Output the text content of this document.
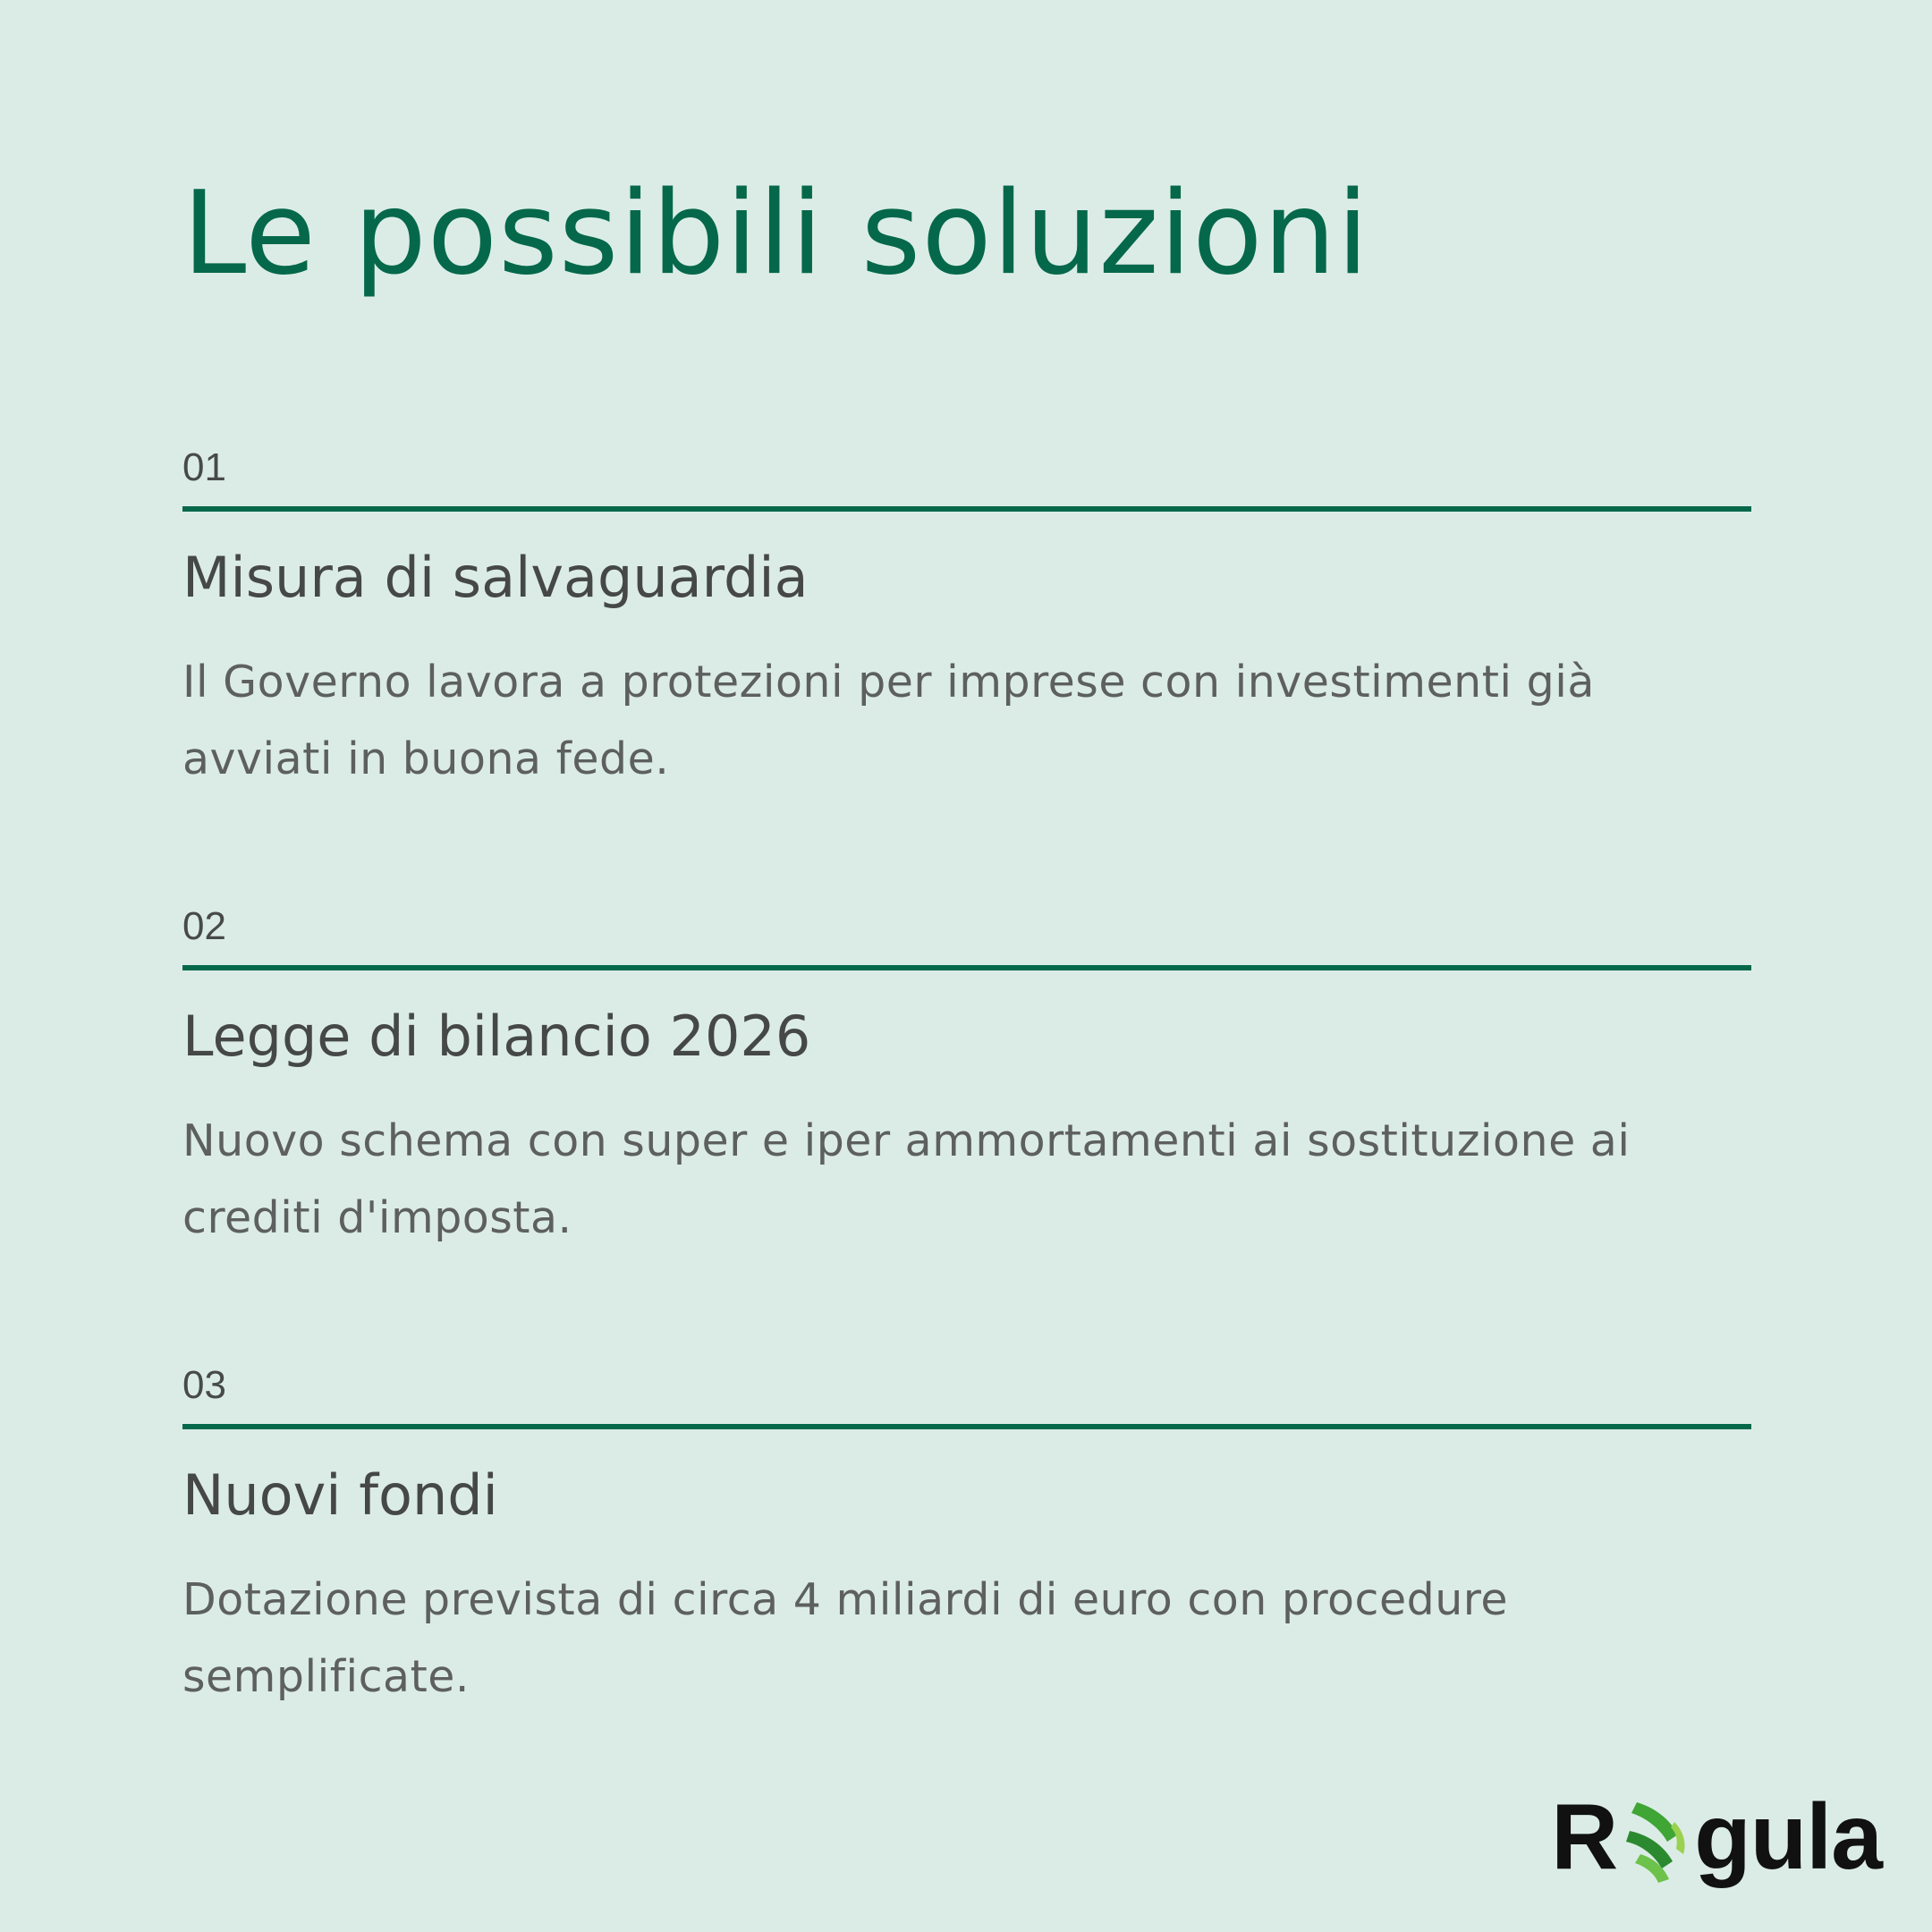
Le possibili soluzioni
01
Misura di salvaguardia

Il Governo lavora a protezioni per imprese con investimenti già avviati in buona fede.

02
Legge di bilancio 2026

Nuovo schema con super e iper ammortamenti ai sostituzione ai crediti d'imposta.

03
Nuovi fondi

Dotazione prevista di circa 4 miliardi di euro con procedure semplificate.

R gula
